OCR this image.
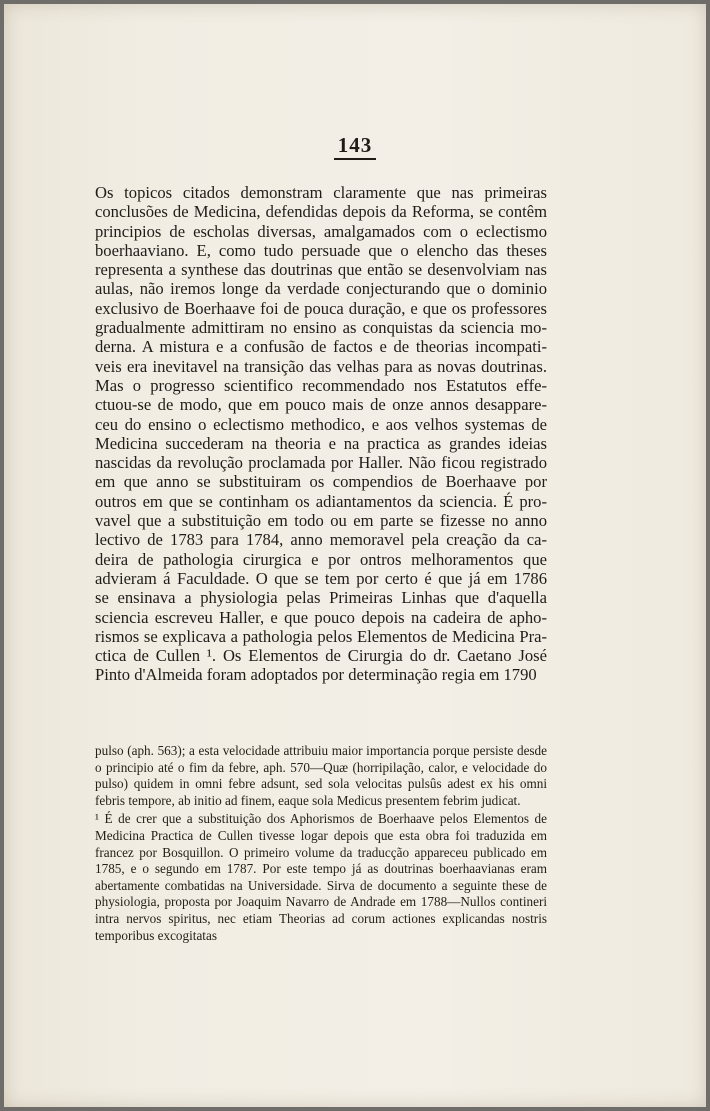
143
Os topicos citados demonstram claramente que nas primeiras
conclusões de Medicina, defendidas depois da Reforma, se contêm
principios de escholas diversas, amalgamados com o eclectismo
boerhaaviano. E, como tudo persuade que o elencho das theses
representa a synthese das doutrinas que então se desenvolviam nas
aulas, não iremos longe da verdade conjecturando que o dominio
exclusivo de Boerhaave foi de pouca duração, e que os professores
gradualmente admittiram no ensino as conquistas da sciencia mo-
derna. A mistura e a confusão de factos e de theorias incompati-
veis era inevitavel na transição das velhas para as novas doutrinas.
Mas o progresso scientifico recommendado nos Estatutos effe-
ctuou-se de modo, que em pouco mais de onze annos desappare-
ceu do ensino o eclectismo methodico, e aos velhos systemas de
Medicina succederam na theoria e na practica as grandes ideias
nascidas da revolução proclamada por Haller. Não ficou registrado
em que anno se substituiram os compendios de Boerhaave por
outros em que se continham os adiantamentos da sciencia. É pro-
vavel que a substituição em todo ou em parte se fizesse no anno
lectivo de 1783 para 1784, anno memoravel pela creação da ca-
deira de pathologia cirurgica e por ontros melhoramentos que
advieram á Faculdade. O que se tem por certo é que já em 1786
se ensinava a physiologia pelas Primeiras Linhas que d'aquella
sciencia escreveu Haller, e que pouco depois na cadeira de apho-
rismos se explicava a pathologia pelos Elementos de Medicina Pra-
ctica de Cullen ¹. Os Elementos de Cirurgia do dr. Caetano José
Pinto d'Almeida foram adoptados por determinação regia em 1790
pulso (aph. 563); a esta velocidade attribuiu maior importancia porque persiste desde o principio até o fim da febre, aph. 570—Quæ (horripilação, calor, e velocidade do pulso) quidem in omni febre adsunt, sed sola velocitas pulsûs adest ex his omni febris tempore, ab initio ad finem, eaque sola Medicus presentem febrim judicat.
¹ É de crer que a substituição dos Aphorismos de Boerhaave pelos Elementos de Medicina Practica de Cullen tivesse logar depois que esta obra foi traduzida em francez por Bosquillon. O primeiro volume da traducção appareceu publicado em 1785, e o segundo em 1787. Por este tempo já as doutrinas boerhaavianas eram abertamente combatidas na Universidade. Sirva de documento a seguinte these de physiologia, proposta por Joaquim Navarro de Andrade em 1788—Nullos contineri intra nervos spiritus, nec etiam Theorias ad corum actiones explicandas nostris temporibus excogitatas
